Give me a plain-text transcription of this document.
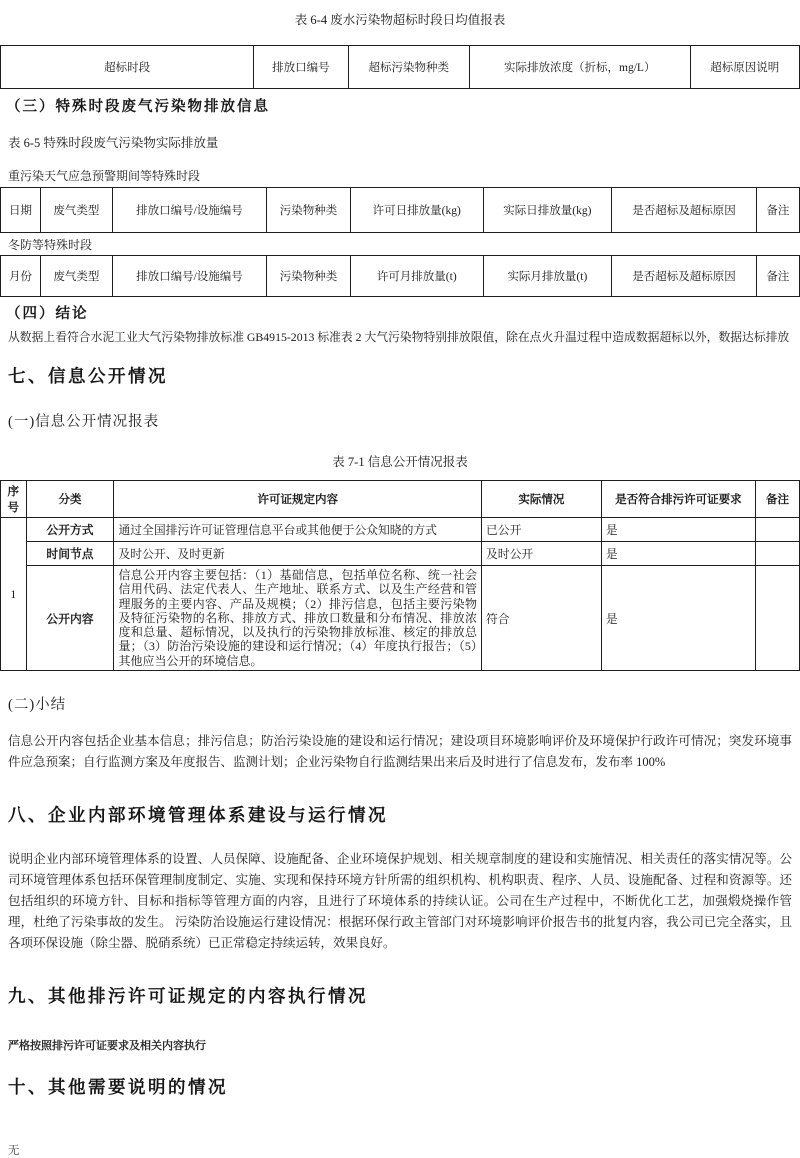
表 6-4 废水污染物超标时段日均值报表
超标时段	排放口编号	超标污染物种类	实际排放浓度（折标，mg/L）	超标原因说明
（三）特殊时段废气污染物排放信息
表 6-5 特殊时段废气污染物实际排放量
重污染天气应急预警期间等特殊时段
日期	废气类型	排放口编号/设施编号	污染物种类	许可日排放量(kg)	实际日排放量(kg)	是否超标及超标原因	备注
冬防等特殊时段
月份	废气类型	排放口编号/设施编号	污染物种类	许可月排放量(t)	实际月排放量(t)	是否超标及超标原因	备注
（四）结论

从数据上看符合水泥工业大气污染物排放标准 GB4915-2013 标准表 2 大气污染物特别排放限值，除在点火升温过程中造成数据超标以外，数据达标排放

七、信息公开情况
(一)信息公开情况报表
表 7-1 信息公开情况报表
序号	分类	许可证规定内容	实际情况	是否符合排污许可证要求	备注
1	公开方式	通过全国排污许可证管理信息平台或其他便于公众知晓的方式	已公开	是	
	时间节点	及时公开、及时更新	及时公开	是	
	公开内容	信息公开内容主要包括：（1）基础信息，包括单位名称、统一社会信用代码、法定代表人、生产地址、联系方式、以及生产经营和管理服务的主要内容、产品及规模；（2）排污信息，包括主要污染物及特征污染物的名称、排放方式、排放口数量和分布情况、排放浓度和总量、超标情况，以及执行的污染物排放标准、核定的排放总量；（3）防治污染设施的建设和运行情况；（4）年度执行报告；（5）其他应当公开的环境信息。	符合	是	
(二)小结

信息公开内容包括企业基本信息；排污信息；防治污染设施的建设和运行情况；建设项目环境影响评价及环境保护行政许可情况；突发环境事件应急预案；自行监测方案及年度报告、监测计划；企业污染物自行监测结果出来后及时进行了信息发布，发布率 100%

八、企业内部环境管理体系建设与运行情况

说明企业内部环境管理体系的设置、人员保障、设施配备、企业环境保护规划、相关规章制度的建设和实施情况、相关责任的落实情况等。公司环境管理体系包括环保管理制度制定、实施、实现和保持环境方针所需的组织机构、机构职责、程序、人员、设施配备、过程和资源等。还包括组织的环境方针、目标和指标等管理方面的内容，且进行了环境体系的持续认证。公司在生产过程中，不断优化工艺，加强煅烧操作管理，杜绝了污染事故的发生。 污染防治设施运行建设情况：根据环保行政主管部门对环境影响评价报告书的批复内容，我公司已完全落实，且各项环保设施（除尘器、脱硝系统）已正常稳定持续运转，效果良好。

九、其他排污许可证规定的内容执行情况

严格按照排污许可证要求及相关内容执行

十、其他需要说明的情况

无
